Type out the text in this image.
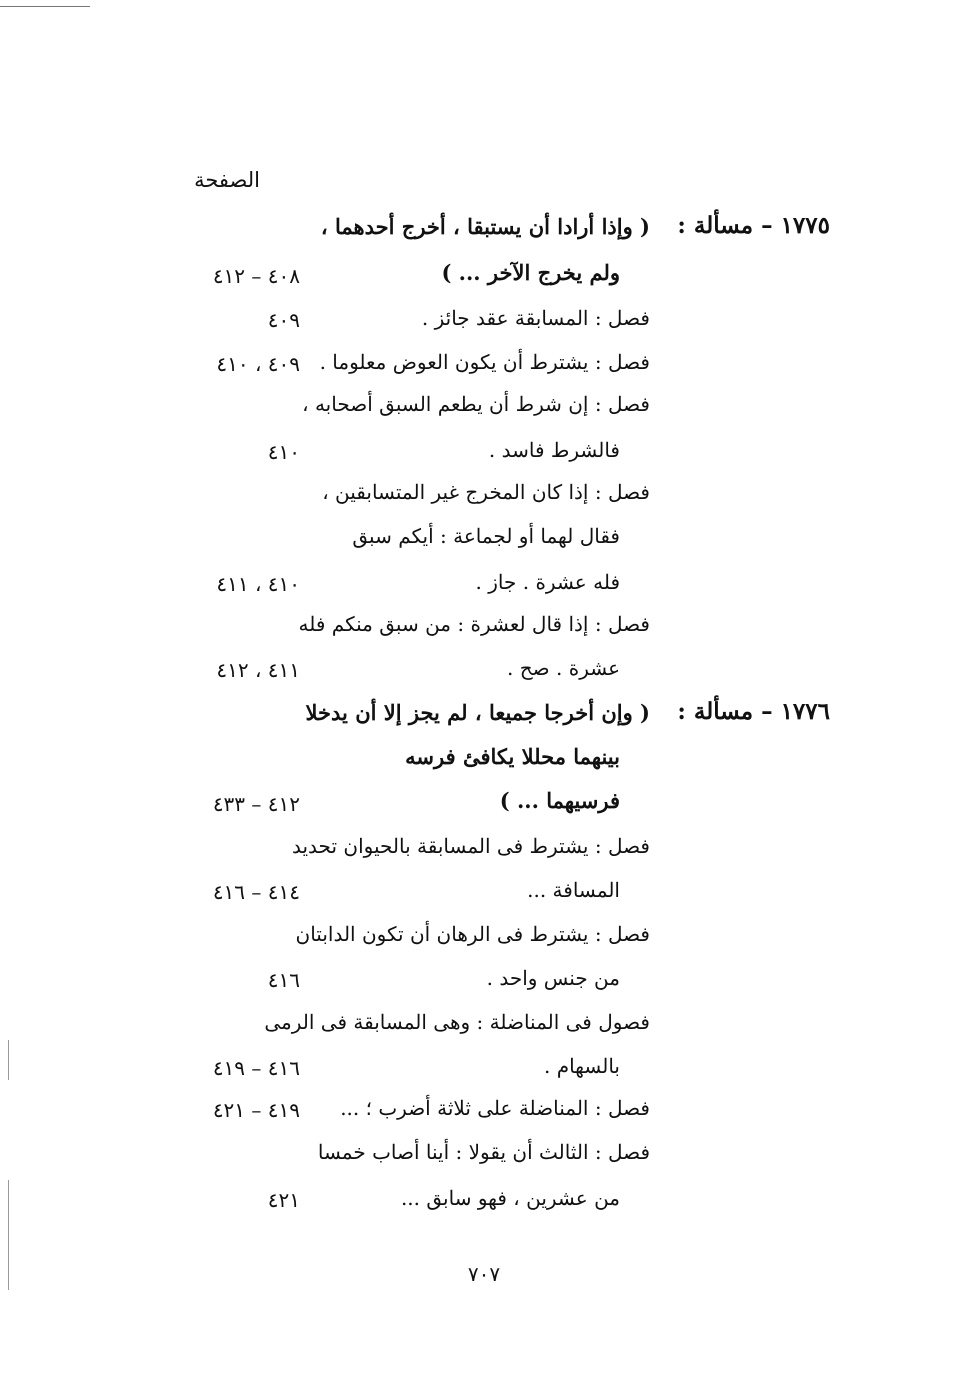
الصفحة
١٧٧٥ – مسألة :
( وإذا أرادا أن يستبقا ، أخرج أحدهما ،
ولم يخرج الآخر ... )
٤٠٨ – ٤١٢
فصل : المسابقة عقد جائز .
٤٠٩
فصل : يشترط أن يكون العوض معلوما .
٤٠٩ ، ٤١٠
فصل : إن شرط أن يطعم السبق أصحابه ،
فالشرط فاسد .
٤١٠
فصل : إذا كان المخرج غير المتسابقين ،
فقال لهما أو لجماعة : أيكم سبق
فله عشرة . جاز .
٤١٠ ، ٤١١
فصل : إذا قال لعشرة : من سبق منكم فله
عشرة . صح .
٤١١ ، ٤١٢
١٧٧٦ – مسألة :
( وإن أخرجا جميعا ، لم يجز إلا أن يدخلا
بينهما محللا يكافئ فرسه
فرسيهما ... )
٤١٢ – ٤٣٣
فصل : يشترط فى المسابقة بالحيوان تحديد
المسافة ...
٤١٤ – ٤١٦
فصل : يشترط فى الرهان أن تكون الدابتان
من جنس واحد .
٤١٦
فصول فى المناضلة : وهى المسابقة فى الرمى
بالسهام .
٤١٦ – ٤١٩
فصل : المناضلة على ثلاثة أضرب ؛ ...
٤١٩ – ٤٢١
فصل : الثالث أن يقولا : أينا أصاب خمسا
من عشرين ، فهو سابق ...
٤٢١
٧٠٧
